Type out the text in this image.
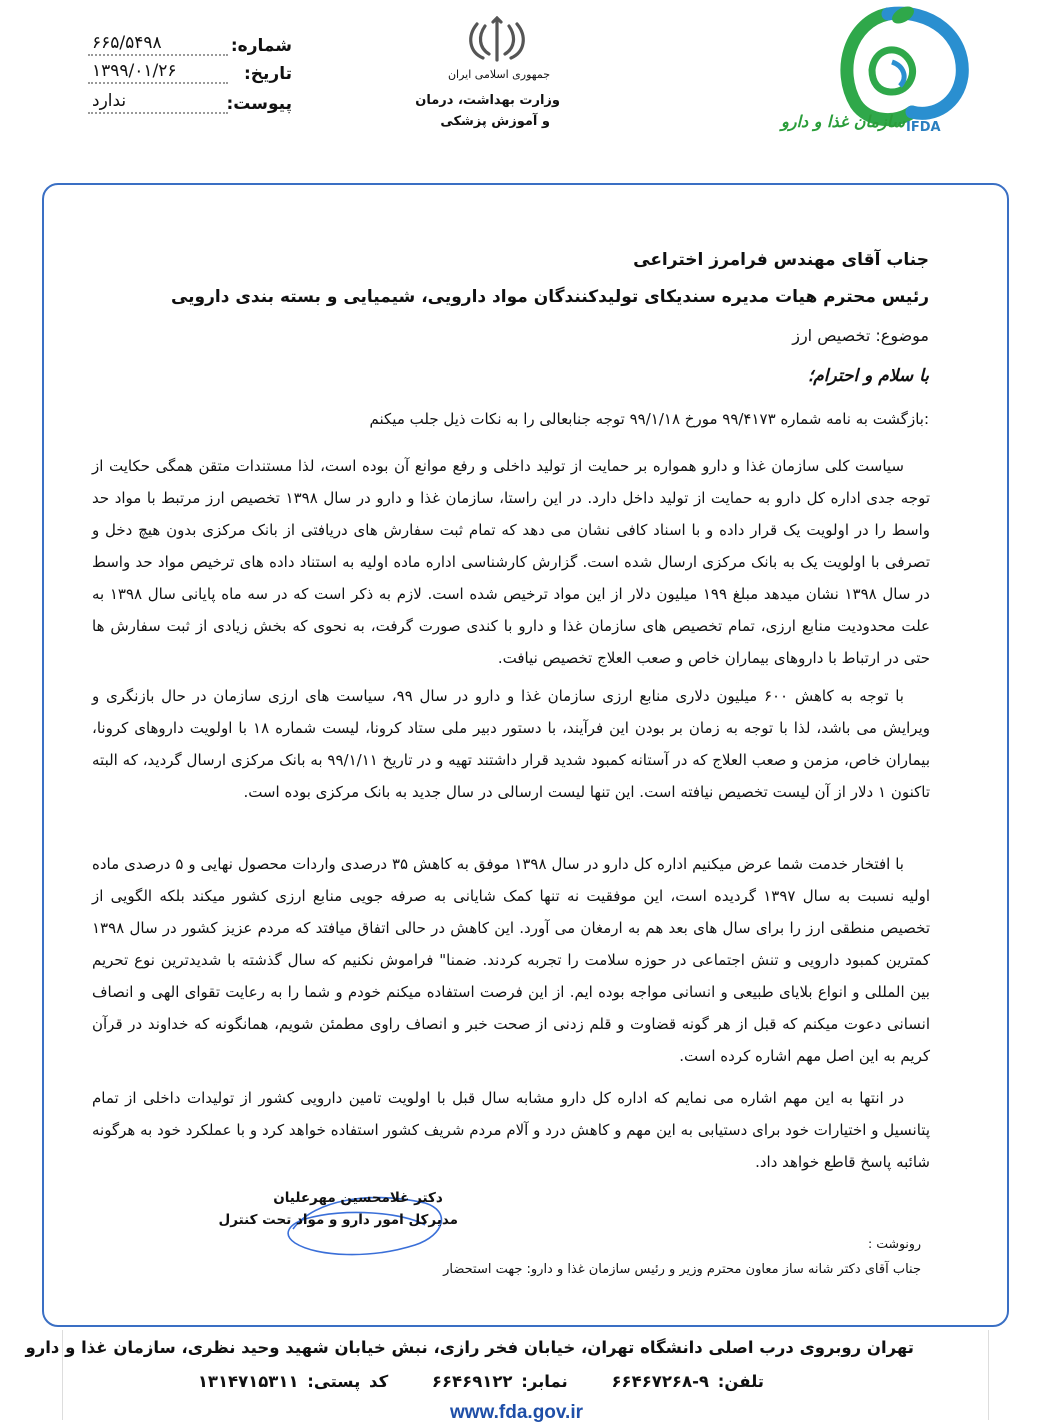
شماره:
۶۶۵/۵۴۹۸
تاریخ:
۱۳۹۹/۰۱/۲۶
پیوست:
ندارد
جمهوری اسلامی ایران
وزارت بهداشت، درمان
و آموزش پزشکی	سازمان غذا و دارو IFDA
جناب آقای مهندس فرامرز اختراعی
رئیس محترم هیات مدیره سندیکای تولیدکنندگان مواد دارویی، شیمیایی و بسته بندی دارویی
موضوع: تخصیص ارز
با سلام و احترام؛
بازگشت به نامه شماره ۹۹/۴۱۷۳ مورخ ۹۹/۱/۱۸ توجه جنابعالی را به نکات ذیل جلب میکنم:

سیاست کلی سازمان غذا و دارو همواره بر حمایت از تولید داخلی و رفع موانع آن بوده است، لذا مستندات متقن همگی حکایت از توجه جدی اداره کل دارو به حمایت از تولید داخل دارد. در این راستا، سازمان غذا و دارو در سال ۱۳۹۸ تخصیص ارز مرتبط با مواد حد واسط را در اولویت یک قرار داده و با اسناد کافی نشان می دهد که تمام ثبت سفارش های دریافتی از بانک مرکزی بدون هیچ دخل و تصرفی با اولویت یک به بانک مرکزی ارسال شده است. گزارش کارشناسی اداره ماده اولیه به استناد داده های ترخیص مواد حد واسط در سال ۱۳۹۸ نشان میدهد مبلغ ۱۹۹ میلیون دلار از این مواد ترخیص شده است. لازم به ذکر است که در سه ماه پایانی سال ۱۳۹۸ به علت محدودیت منابع ارزی، تمام تخصیص های سازمان غذا و دارو با کندی صورت گرفت، به نحوی که بخش زیادی از ثبت سفارش ها حتی در ارتباط با داروهای بیماران خاص و صعب العلاج تخصیص نیافت.

با توجه به کاهش ۶۰۰ میلیون دلاری منابع ارزی سازمان غذا و دارو در سال ۹۹، سیاست های ارزی سازمان در حال بازنگری و ویرایش می باشد، لذا با توجه به زمان بر بودن این فرآیند، با دستور دبیر ملی ستاد کرونا، لیست شماره ۱۸ با اولویت داروهای کرونا، بیماران خاص، مزمن و صعب العلاج که در آستانه کمبود شدید قرار داشتند تهیه و در تاریخ ۹۹/۱/۱۱ به بانک مرکزی ارسال گردید، که البته تاکنون ۱ دلار از آن لیست تخصیص نیافته است. این تنها لیست ارسالی در سال جدید به بانک مرکزی بوده است.

با افتخار خدمت شما عرض میکنیم اداره کل دارو در سال ۱۳۹۸ موفق به کاهش ۳۵ درصدی واردات محصول نهایی و ۵ درصدی ماده اولیه نسبت به سال ۱۳۹۷ گردیده است، این موفقیت نه تنها کمک شایانی به صرفه جویی منابع ارزی کشور میکند بلکه الگویی از تخصیص منطقی ارز را برای سال های بعد هم به ارمغان می آورد. این کاهش در حالی اتفاق میافتد که مردم عزیز کشور در سال ۱۳۹۸ کمترین کمبود دارویی و تنش اجتماعی در حوزه سلامت را تجربه کردند. ضمنا" فراموش نکنیم که سال گذشته با شدیدترین نوع تحریم بین المللی و انواع بلایای طبیعی و انسانی مواجه بوده ایم. از این فرصت استفاده میکنم خودم و شما را به رعایت تقوای الهی و انصاف انسانی دعوت میکنم که قبل از هر گونه قضاوت و قلم زدنی از صحت خبر و انصاف راوی مطمئن شویم، همانگونه که خداوند در قرآن کریم به این اصل مهم اشاره کرده است.

در انتها به این مهم اشاره می نمایم که اداره کل دارو مشابه سال قبل با اولویت تامین دارویی کشور از تولیدات داخلی از تمام پتانسیل و اختیارات خود برای دستیابی به این مهم و کاهش درد و آلام مردم شریف کشور استفاده خواهد کرد و با عملکرد خود به هرگونه شائبه پاسخ قاطع خواهد داد.

دکتر غلامحسین مهرعلیان
مدیرکل امور دارو و مواد تحت کنترل
رونوشت :
جناب آقای دکتر شانه ساز معاون محترم وزیر و رئیس سازمان غذا و دارو: جهت استحضار
تهران روبروی درب اصلی دانشگاه تهران، خیابان فخر رازی، نبش خیابان شهید وحید نظری، سازمان غذا و دارو
تلفن: ۹-۶۶۴۶۷۲۶۸     نمابر: ۶۶۴۶۹۱۲۲     کد پستی: ۱۳۱۴۷۱۵۳۱۱
www.fda.gov.ir
